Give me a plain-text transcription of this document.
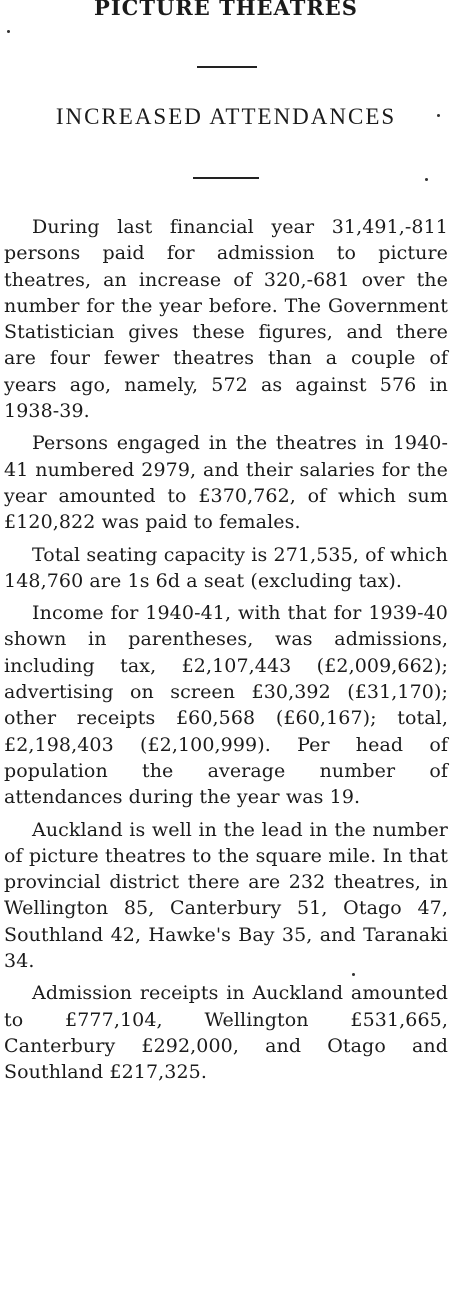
PICTURE THEATRES
INCREASED ATTENDANCES

During last financial year 31,491,-811 persons paid for admission to picture theatres, an increase of 320,-681 over the number for the year before. The Government Statistician gives these figures, and there are four fewer theatres than a couple of years ago, namely, 572 as against 576 in 1938-39.

Persons engaged in the theatres in 1940-41 numbered 2979, and their salaries for the year amounted to £370,762, of which sum £120,822 was paid to females.

Total seating capacity is 271,535, of which 148,760 are 1s 6d a seat (excluding tax).

Income for 1940-41, with that for 1939-40 shown in parentheses, was admissions, including tax, £2,107,443 (£2,009,662); advertising on screen £30,392 (£31,170); other receipts £60,568 (£60,167); total, £2,198,403 (£2,100,999). Per head of population the average number of attendances during the year was 19.

Auckland is well in the lead in the number of picture theatres to the square mile. In that provincial district there are 232 theatres, in Wellington 85, Canterbury 51, Otago 47, Southland 42, Hawke's Bay 35, and Taranaki 34.

Admission receipts in Auckland amounted to £777,104, Wellington £531,665, Canterbury £292,000, and Otago and Southland £217,325.
